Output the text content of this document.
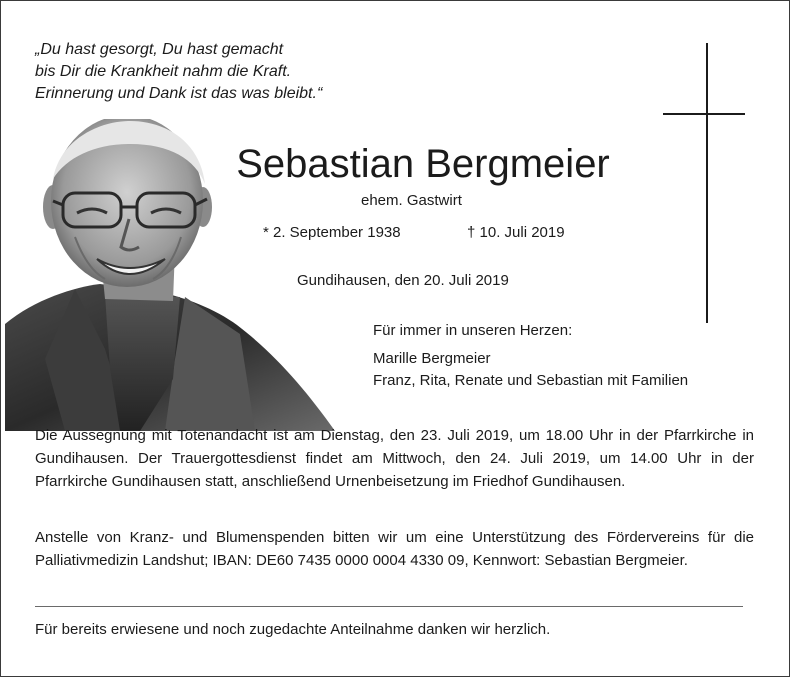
„Du hast gesorgt, Du hast gemacht
bis Dir die Krankheit nahm die Kraft.
Erinnerung und Dank ist das was bleibt.“
Sebastian Bergmeier
ehem. Gastwirt
* 2. September 1938	† 10. Juli 2019
Gundihausen, den 20. Juli 2019
Für immer in unseren Herzen:
Marille Bergmeier
Franz, Rita, Renate und Sebastian mit Familien

Die Aussegnung mit Totenandacht ist am Dienstag, den 23. Juli 2019, um 18.00 Uhr in der Pfarrkirche in Gundihausen. Der Trauergottesdienst findet am Mittwoch, den 24. Juli 2019, um 14.00 Uhr in der Pfarrkirche Gundihausen statt, anschließend Urnenbeisetzung im Friedhof Gundihausen.

Anstelle von Kranz- und Blumenspenden bitten wir um eine Unterstützung des Fördervereins für die Palliativmedizin Landshut; IBAN: DE60 7435 0000 0004 4330 09, Kennwort: Sebastian Bergmeier.

Für bereits erwiesene und noch zugedachte Anteilnahme danken wir herzlich.
